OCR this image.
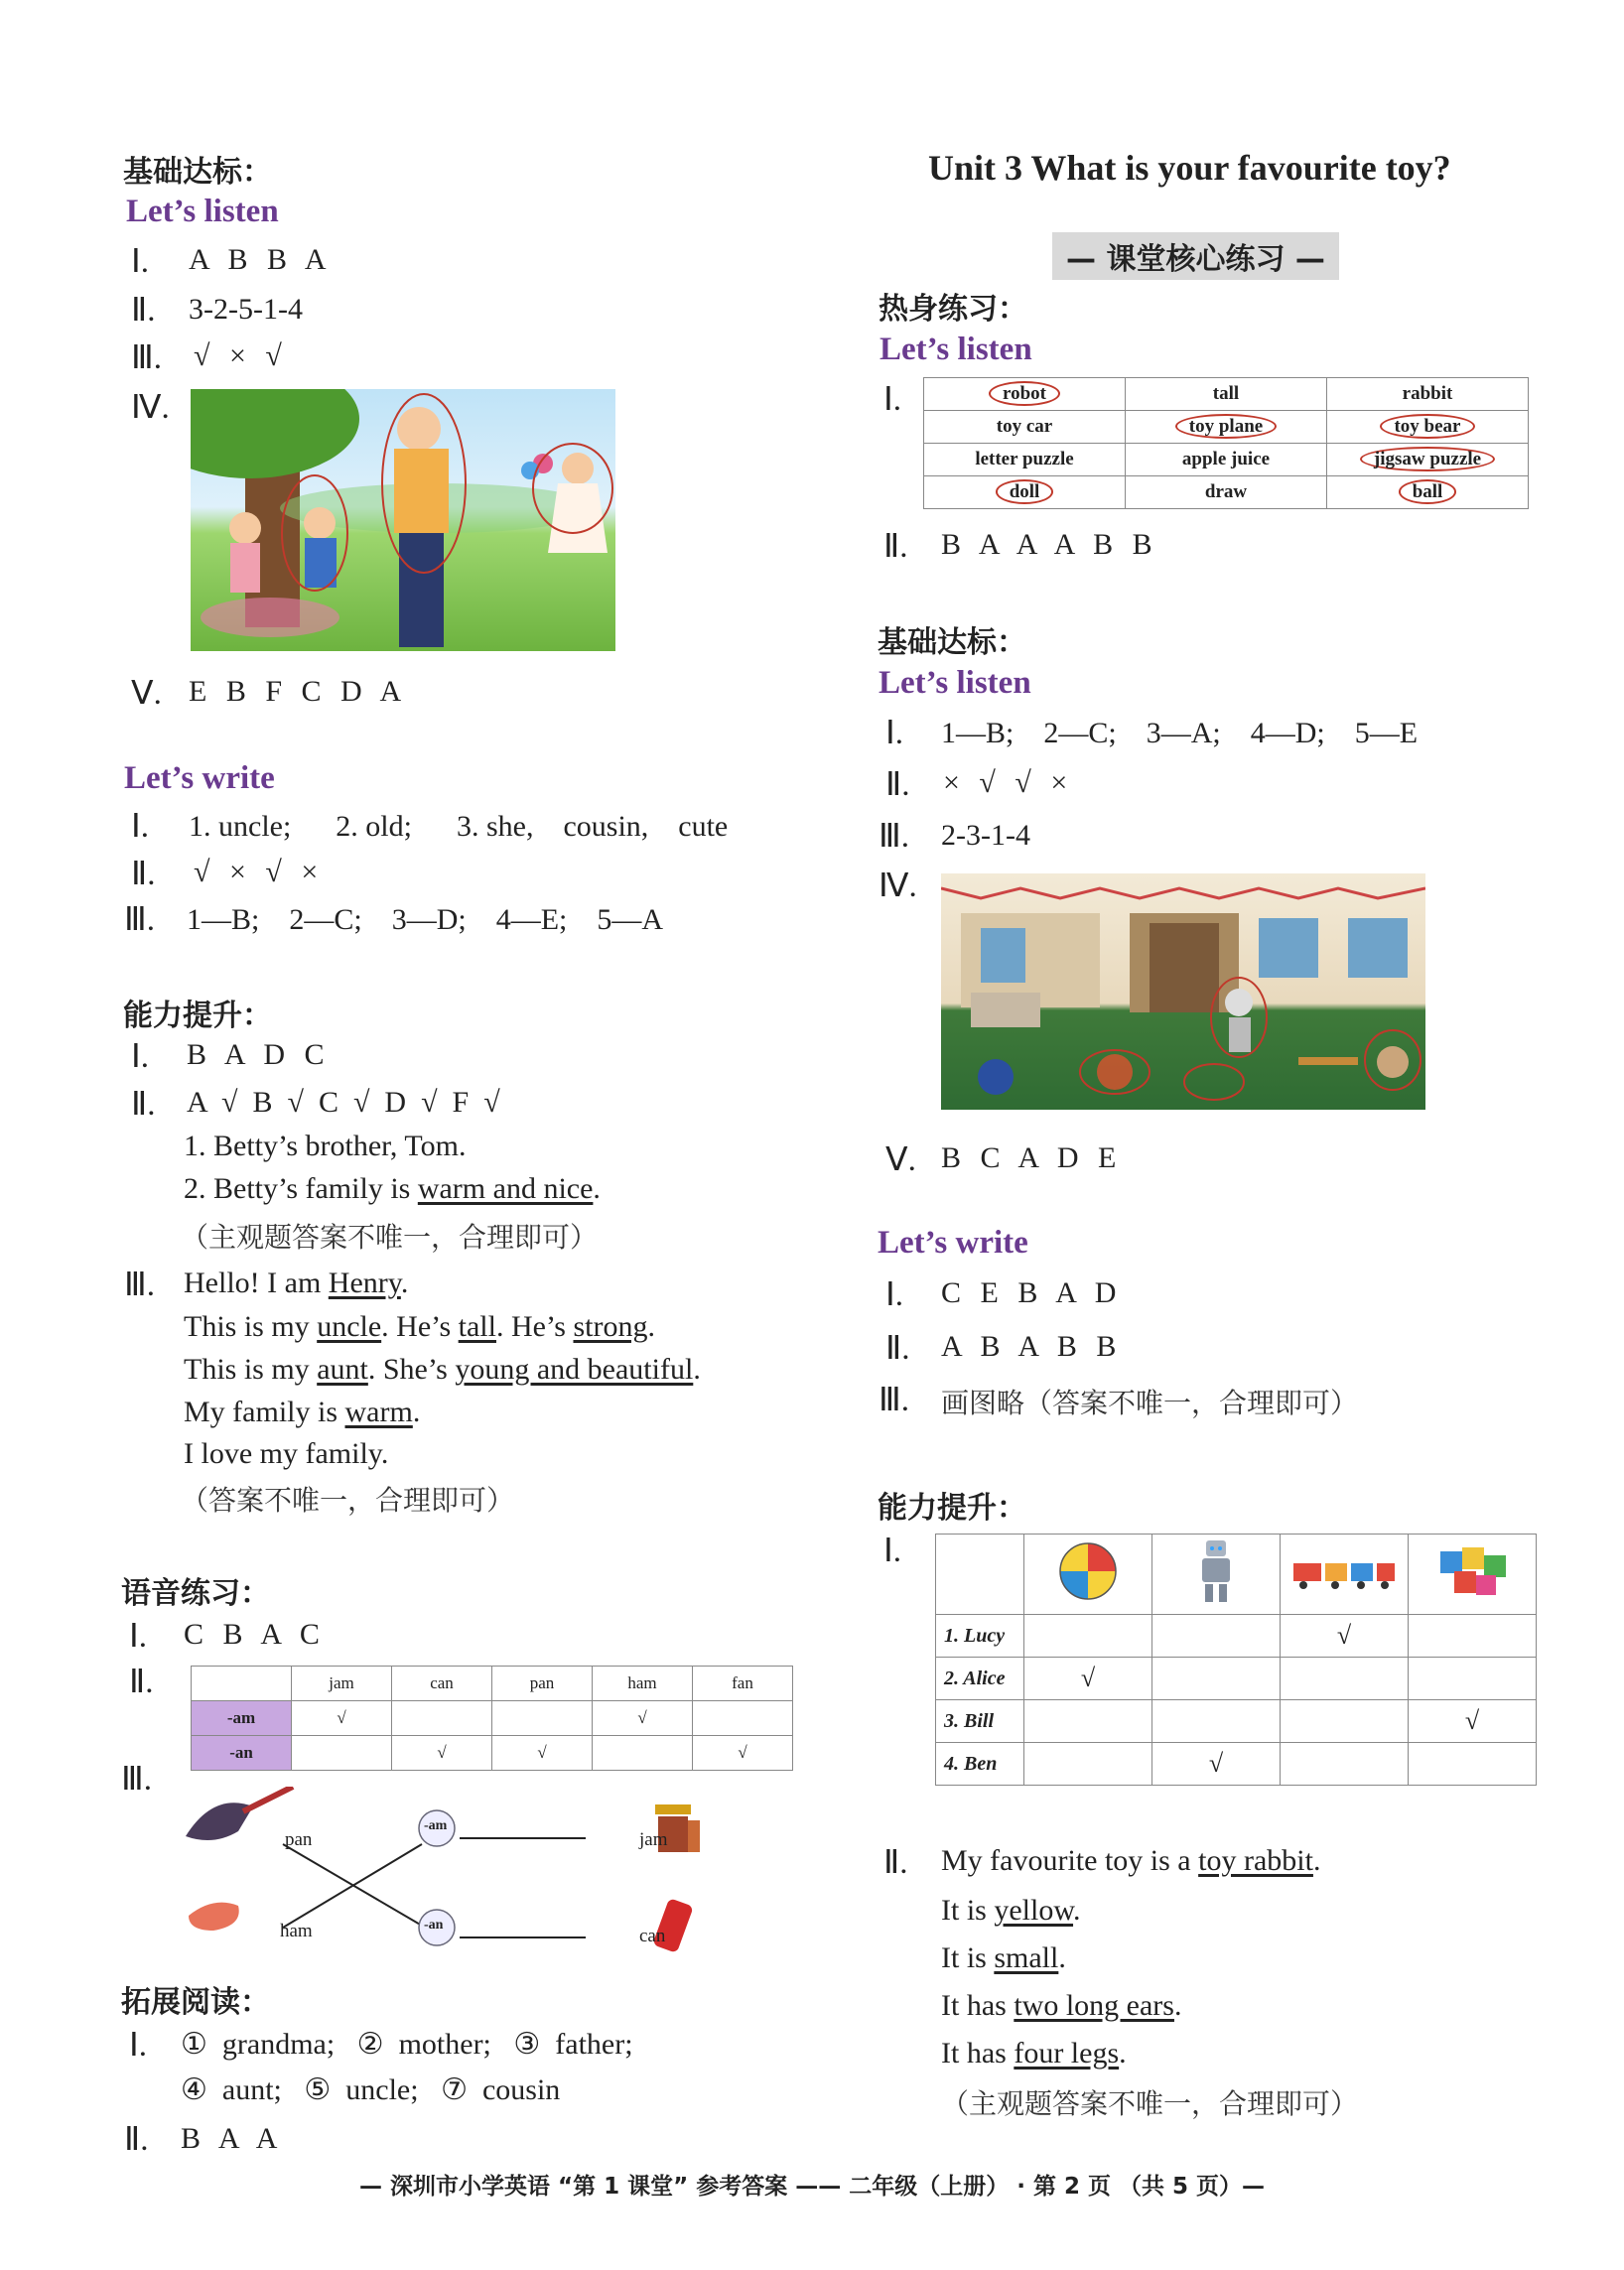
基础达标：
Let’s listen
Ⅰ. A B B A
Ⅱ. 3-2-5-1-4
Ⅲ. √ × √
Ⅳ.
Ⅴ. E B F C D A
Let’s write
Ⅰ. 1. uncle;      2. old;      3. she,    cousin,    cute
Ⅱ. √ × √ ×
Ⅲ. 1—B;    2—C;    3—D;    4—E;    5—A
能力提升：
Ⅰ. B A D C
Ⅱ. A  √  B  √  C  √  D  √  F  √
1. Betty’s brother, Tom.
2. Betty’s family is warm and nice.
（主观题答案不唯一，合理即可）
Ⅲ. Hello! I am Henry.
This is my uncle. He’s tall. He’s strong.
This is my aunt. She’s young and beautiful.
My family is warm.
I love my family.
（答案不唯一，合理即可）
语音练习：
Ⅰ. C B A C
Ⅱ.
		jam	can	pan	ham	fan
-am	√			√	
-an		√	√		√
Ⅲ.
pan
ham
-am
-an
jam
can
拓展阅读：
Ⅰ. ①  grandma;   ②  mother;   ③  father;
④  aunt;   ⑤  uncle;   ⑦  cousin
Ⅱ. B A A
Unit 3 What is your favourite toy?
— 课堂核心练习 —
热身练习：
Let’s listen
Ⅰ.	robot	tall	rabbit
toy car	toy plane	toy bear
letter puzzle	apple juice	jigsaw puzzle
doll	draw	ball
Ⅱ. B A A A B B
基础达标：
Let’s listen
Ⅰ. 1—B;    2—C;    3—A;    4—D;    5—E
Ⅱ. × √ √ ×
Ⅲ. 2-3-1-4
Ⅳ.
Ⅴ. B C A D E
Let’s write
Ⅰ. C E B A D
Ⅱ. A B A B B
Ⅲ. 画图略（答案不唯一，合理即可）
能力提升：
Ⅰ.

1. Lucy			√	
2. Alice	√			
3. Bill				√
4. Ben		√		
Ⅱ. My favourite toy is a toy rabbit.
It is yellow.
It is small.
It has two long ears.
It has four legs.
（主观题答案不唯一，合理即可）
— 深圳市小学英语 “第 1 课堂” 参考答案 —— 二年级（上册） · 第 2 页 （共 5 页）—
